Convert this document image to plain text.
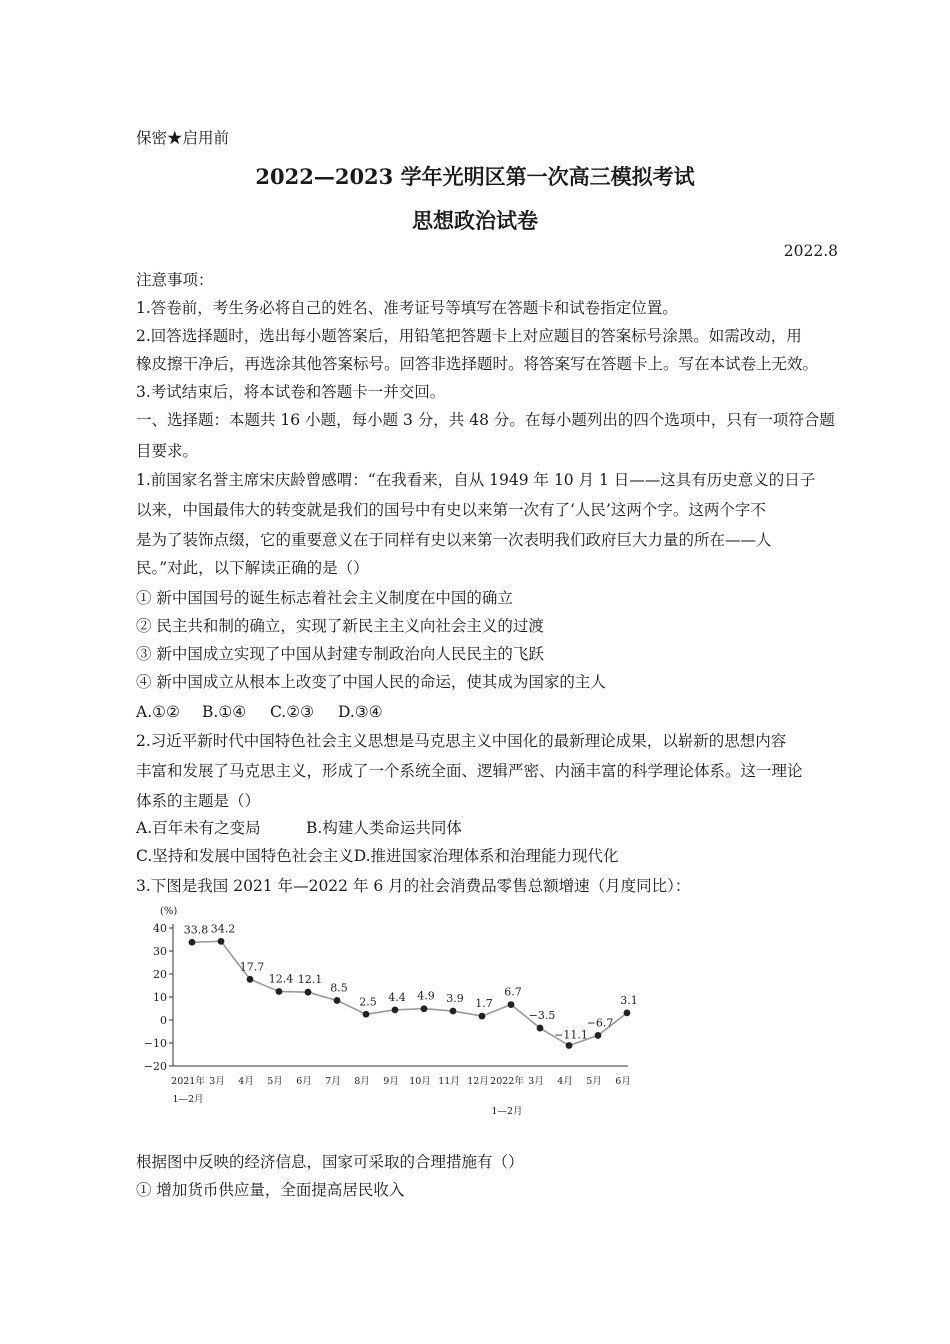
保密★启用前
2022—2023 学年光明区第一次高三模拟考试
思想政治试卷
2022.8
注意事项：
1.答卷前，考生务必将自己的姓名、准考证号等填写在答题卡和试卷指定位置。
2.回答选择题时，选出每小题答案后，用铅笔把答题卡上对应题目的答案标号涂黑。如需改动，用
橡皮擦干净后，再选涂其他答案标号。回答非选择题时。将答案写在答题卡上。写在本试卷上无效。
3.考试结束后，将本试卷和答题卡一并交回。
一、选择题：本题共 16 小题，每小题 3 分，共 48 分。在每小题列出的四个选项中，只有一项符合题
目要求。
1.前国家名誉主席宋庆龄曾感喟：“在我看来，自从 1949 年 10 月 1 日——这具有历史意义的日子
以来，中国最伟大的转变就是我们的国号中有史以来第一次有了‘人民’这两个字。这两个字不
是为了装饰点缀，它的重要意义在于同样有史以来第一次表明我们政府巨大力量的所在——人
民。”对此，以下解读正确的是（）
① 新中国国号的诞生标志着社会主义制度在中国的确立
② 民主共和制的确立，实现了新民主主义向社会主义的过渡
③ 新中国成立实现了中国从封建专制政治向人民民主的飞跃
④ 新中国成立从根本上改变了中国人民的命运，使其成为国家的主人
A.①② B.①④ C.②③ D.③④
2.习近平新时代中国特色社会主义思想是马克思主义中国化的最新理论成果，以崭新的思想内容
丰富和发展了马克思主义，形成了一个系统全面、逻辑严密、内涵丰富的科学理论体系。这一理论
体系的主题是（）
A.百年未有之变局	B.构建人类命运共同体
C.坚持和发展中国特色社会主义D.推进国家治理体系和治理能力现代化
3.下图是我国 2021 年—2022 年 6 月的社会消费品零售总额增速（月度同比）：
(%)
40
30
20
10
0
−10
−20
33.8 34.2
17.7
12.4 12.1
8.5
2.5 4.4 4.9 3.9 1.7
6.7
−3.5
−11.1
−6.7
3.1
2021年 3月 4月 5月 6月 7月 8月 9月 10月 11月 12月 2022年 3月 4月 5月 6月
1—2月
1—2月
根据图中反映的经济信息，国家可采取的合理措施有（）
① 增加货币供应量，全面提高居民收入
